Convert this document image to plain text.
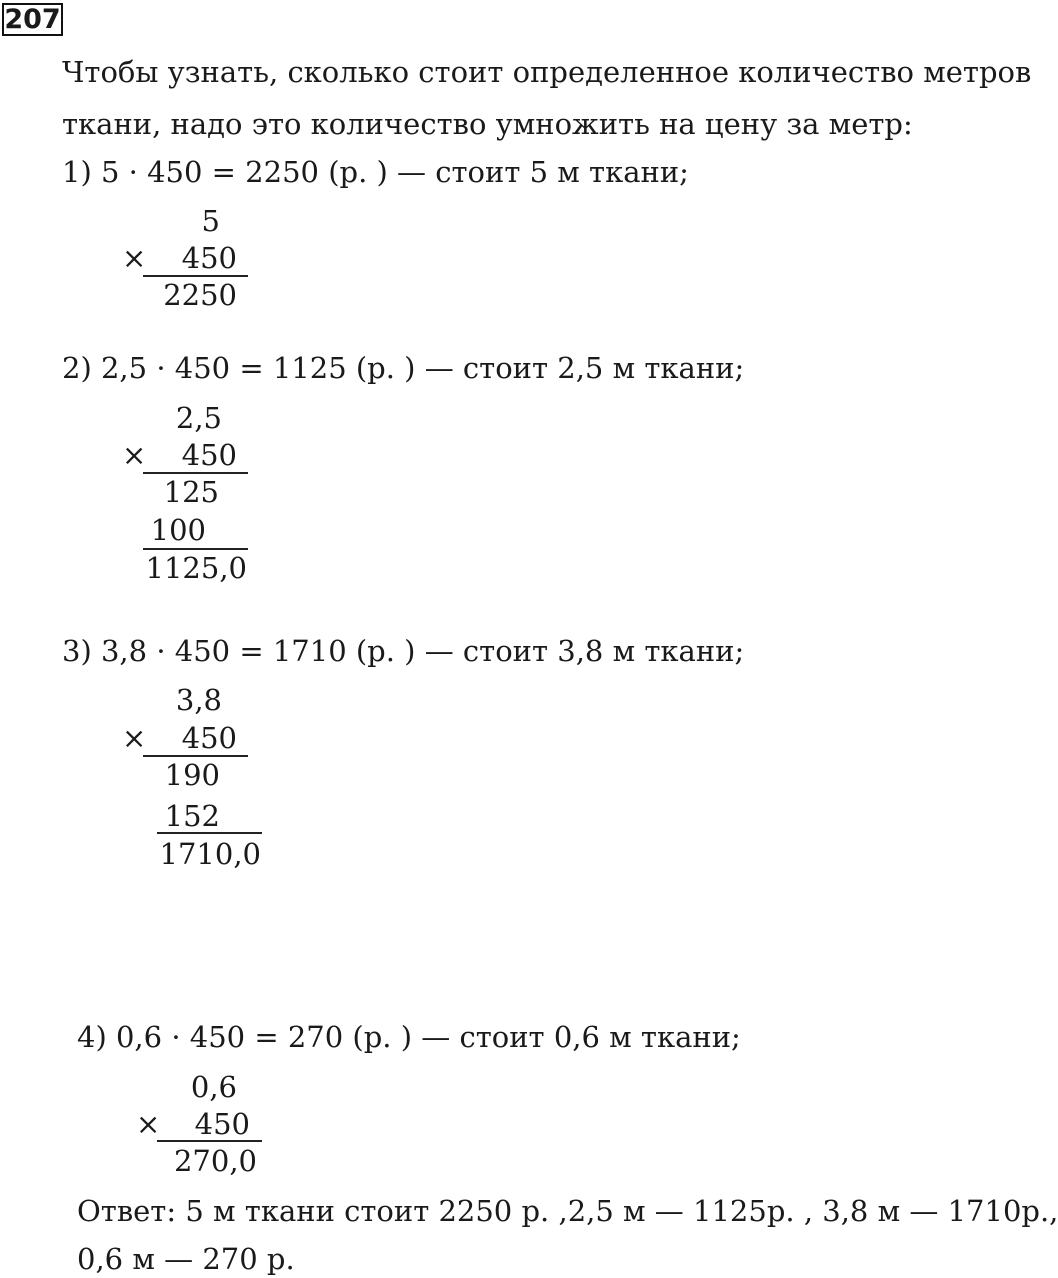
207
Чтобы узнать, сколько стоит определенное количество метров
ткани, надо это количество умножить на цену за метр:
1) 5 · 450 = 2250 (р. ) — стоит 5 м ткани;
5
×	450
2250
2) 2,5 · 450 = 1125 (р. ) — стоит 2,5 м ткани;
2,5
×	450
125
100
1125,0
3) 3,8 · 450 = 1710 (р. ) — стоит 3,8 м ткани;
3,8
×	450
190
152
1710,0
4) 0,6 · 450 = 270 (р. ) — стоит 0,6 м ткани;
0,6
×	450
270,0
Ответ: 5 м ткани стоит 2250 р. ,2,5 м — 1125р. , 3,8 м — 1710р.,
0,6 м — 270 р.
